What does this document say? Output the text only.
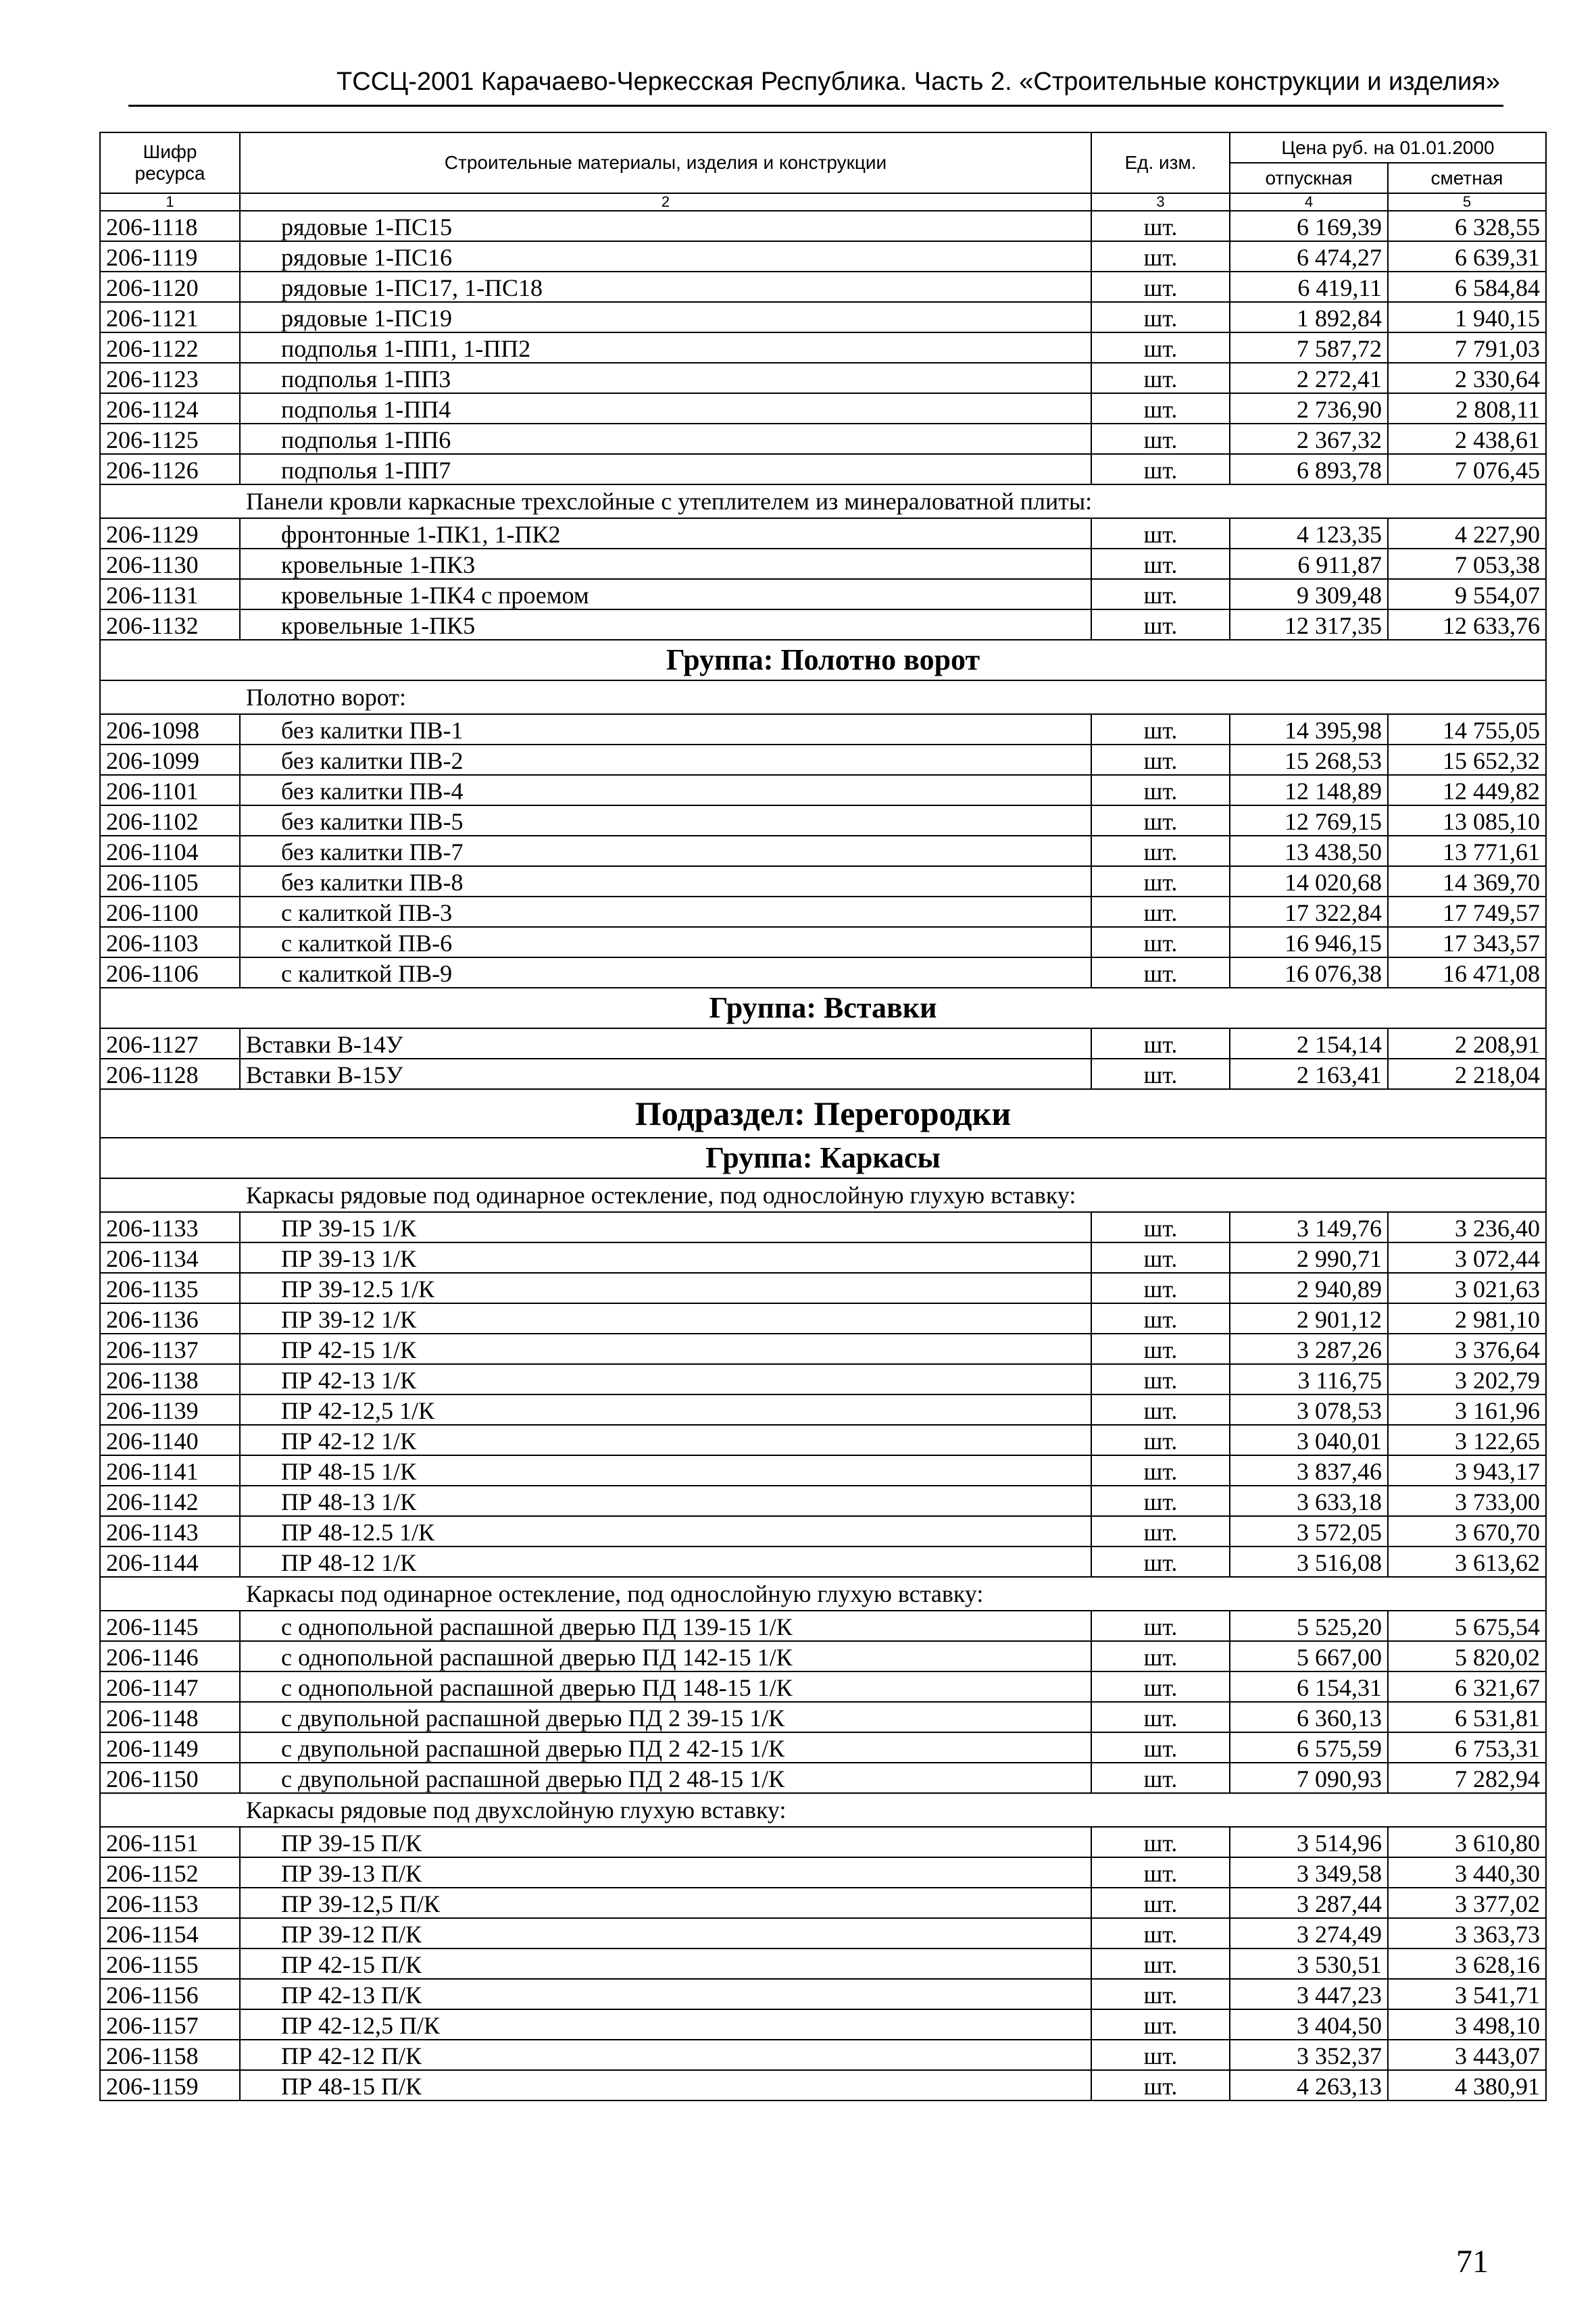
ТССЦ-2001 Карачаево-Черкесская Республика. Часть 2. «Строительные конструкции и изделия»
Шифр ресурса	Строительные материалы, изделия и конструкции	Ед. изм.	Цена руб. на 01.01.2000	
			отпускная	сметная
1	2	3	4	5
206-1118	рядовые 1-ПС15	шт.	6 169,39	6 328,55
206-1119	рядовые 1-ПС16	шт.	6 474,27	6 639,31
206-1120	рядовые 1-ПС17, 1-ПС18	шт.	6 419,11	6 584,84
206-1121	рядовые 1-ПС19	шт.	1 892,84	1 940,15
206-1122	подполья 1-ПП1, 1-ПП2	шт.	7 587,72	7 791,03
206-1123	подполья 1-ПП3	шт.	2 272,41	2 330,64
206-1124	подполья 1-ПП4	шт.	2 736,90	2 808,11
206-1125	подполья 1-ПП6	шт.	2 367,32	2 438,61
206-1126	подполья 1-ПП7	шт.	6 893,78	7 076,45
Панели кровли каркасные трехслойные с утеплителем из минераловатной плиты:				
206-1129	фронтонные 1-ПК1, 1-ПК2	шт.	4 123,35	4 227,90
206-1130	кровельные 1-ПК3	шт.	6 911,87	7 053,38
206-1131	кровельные 1-ПК4 с проемом	шт.	9 309,48	9 554,07
206-1132	кровельные 1-ПК5	шт.	12 317,35	12 633,76
Группа: Полотно ворот				
Полотно ворот:				
206-1098	без калитки ПВ-1	шт.	14 395,98	14 755,05
206-1099	без калитки ПВ-2	шт.	15 268,53	15 652,32
206-1101	без калитки ПВ-4	шт.	12 148,89	12 449,82
206-1102	без калитки ПВ-5	шт.	12 769,15	13 085,10
206-1104	без калитки ПВ-7	шт.	13 438,50	13 771,61
206-1105	без калитки ПВ-8	шт.	14 020,68	14 369,70
206-1100	с калиткой ПВ-3	шт.	17 322,84	17 749,57
206-1103	с калиткой ПВ-6	шт.	16 946,15	17 343,57
206-1106	с калиткой ПВ-9	шт.	16 076,38	16 471,08
Группа: Вставки				
206-1127	Вставки В-14У	шт.	2 154,14	2 208,91
206-1128	Вставки В-15У	шт.	2 163,41	2 218,04
Подраздел: Перегородки				
Группа: Каркасы				
Каркасы рядовые под одинарное остекление, под однослойную глухую вставку:				
206-1133	ПР 39-15 1/К	шт.	3 149,76	3 236,40
206-1134	ПР 39-13 1/К	шт.	2 990,71	3 072,44
206-1135	ПР 39-12.5 1/К	шт.	2 940,89	3 021,63
206-1136	ПР 39-12 1/К	шт.	2 901,12	2 981,10
206-1137	ПР 42-15 1/К	шт.	3 287,26	3 376,64
206-1138	ПР 42-13 1/К	шт.	3 116,75	3 202,79
206-1139	ПР 42-12,5 1/К	шт.	3 078,53	3 161,96
206-1140	ПР 42-12 1/К	шт.	3 040,01	3 122,65
206-1141	ПР 48-15 1/К	шт.	3 837,46	3 943,17
206-1142	ПР 48-13 1/К	шт.	3 633,18	3 733,00
206-1143	ПР 48-12.5 1/К	шт.	3 572,05	3 670,70
206-1144	ПР 48-12 1/К	шт.	3 516,08	3 613,62
Каркасы под одинарное остекление, под однослойную глухую вставку:				
206-1145	с однопольной распашной дверью ПД 139-15 1/К	шт.	5 525,20	5 675,54
206-1146	с однопольной распашной дверью ПД 142-15 1/К	шт.	5 667,00	5 820,02
206-1147	с однопольной распашной дверью ПД 148-15 1/К	шт.	6 154,31	6 321,67
206-1148	с двупольной распашной дверью ПД 2 39-15 1/К	шт.	6 360,13	6 531,81
206-1149	с двупольной распашной дверью ПД 2 42-15 1/К	шт.	6 575,59	6 753,31
206-1150	с двупольной распашной дверью ПД 2 48-15 1/К	шт.	7 090,93	7 282,94
Каркасы рядовые под двухслойную глухую вставку:				
206-1151	ПР 39-15 П/К	шт.	3 514,96	3 610,80
206-1152	ПР 39-13 П/К	шт.	3 349,58	3 440,30
206-1153	ПР 39-12,5 П/К	шт.	3 287,44	3 377,02
206-1154	ПР 39-12 П/К	шт.	3 274,49	3 363,73
206-1155	ПР 42-15 П/К	шт.	3 530,51	3 628,16
206-1156	ПР 42-13 П/К	шт.	3 447,23	3 541,71
206-1157	ПР 42-12,5 П/К	шт.	3 404,50	3 498,10
206-1158	ПР 42-12 П/К	шт.	3 352,37	3 443,07
206-1159	ПР 48-15 П/К	шт.	4 263,13	4 380,91
71
